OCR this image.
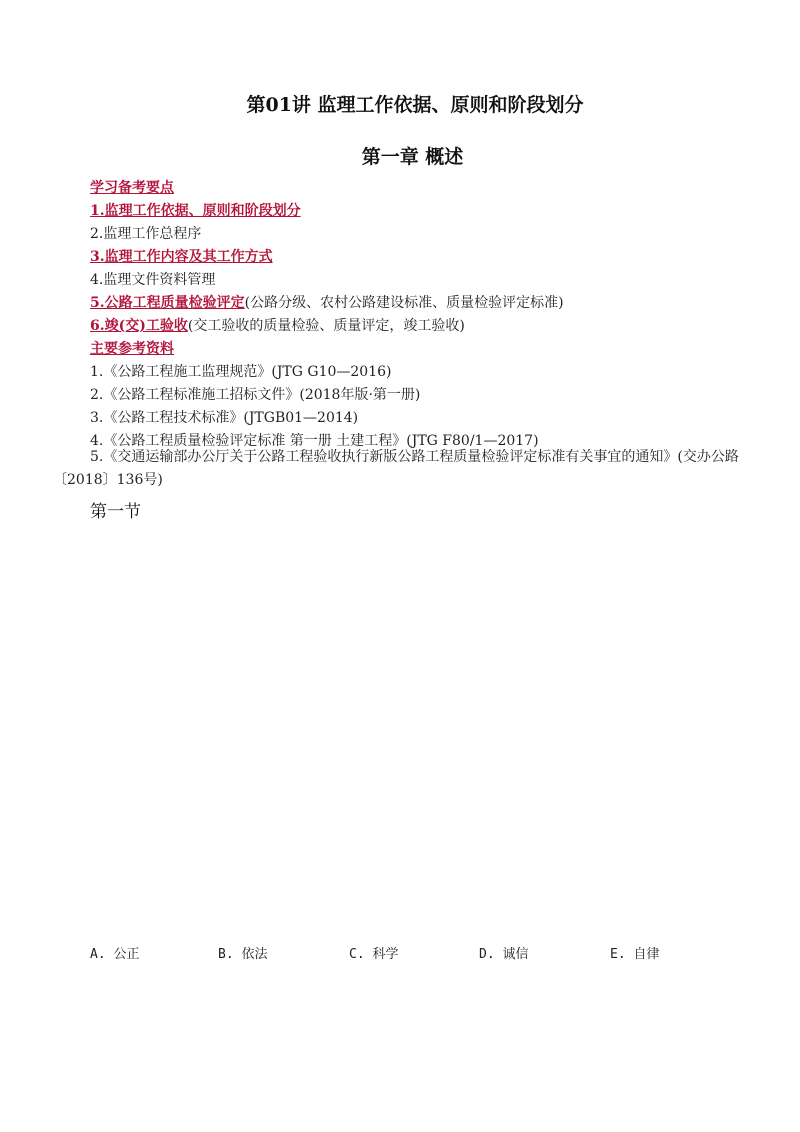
第01讲 监理工作依据、原则和阶段划分
第一章 概述
学习备考要点
1.监理工作依据、原则和阶段划分
2.监理工作总程序
3.监理工作内容及其工作方式
4.监理文件资料管理
5.公路工程质量检验评定(公路分级、农村公路建设标准、质量检验评定标准)
6.竣(交)工验收(交工验收的质量检验、质量评定，竣工验收)
主要参考资料
1.《公路工程施工监理规范》(JTG G10—2016)
2.《公路工程标准施工招标文件》(2018年版·第一册)
3.《公路工程技术标准》(JTGB01—2014)
4.《公路工程质量检验评定标准 第一册 土建工程》(JTG F80/1—2017)
5.《交通运输部办公厅关于公路工程验收执行新版公路工程质量检验评定标准有关事宜的通知》(交办公路〔2018〕136号)
第一节
A. 公正	B. 依法	C. 科学	D. 诚信	E. 自律
